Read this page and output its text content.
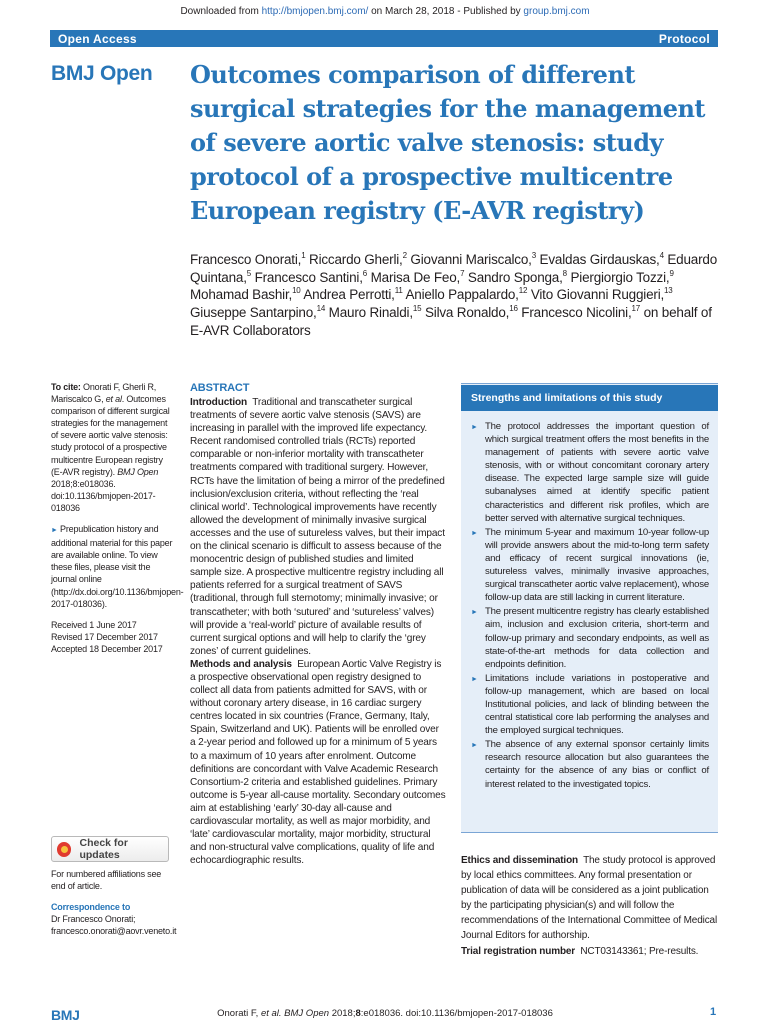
Downloaded from http://bmjopen.bmj.com/ on March 28, 2018 - Published by group.bmj.com
Open Access	Protocol
BMJ Open Outcomes comparison of different surgical strategies for the management of severe aortic valve stenosis: study protocol of a prospective multicentre European registry (E-AVR registry)
Francesco Onorati,$^1$ Riccardo Gherli,$^2$ Giovanni Mariscalco,$^3$ Evaldas Girdauskas,$^4$ Eduardo Quintana,$^5$ Francesco Santini,$^6$ Marisa De Feo,$^7$ Sandro Sponga,$^8$ Piergiorgio Tozzi,$^9$ Mohamad Bashir,$^{10}$ Andrea Perrotti,$^{11}$ Aniello Pappalardo,$^{12}$ Vito Giovanni Ruggieri,$^{13}$ Giuseppe Santarpino,$^{14}$ Mauro Rinaldi,$^{15}$ Silva Ronaldo,$^{16}$ Francesco Nicolini,$^{17}$ on behalf of E-AVR Collaborators
To cite: Onorati F, Gherli R, Mariscalco G, et al. Outcomes comparison of different surgical strategies for the management of severe aortic valve stenosis: study protocol of a prospective multicentre European registry (E-AVR registry). BMJ Open 2018;8:e018036. doi:10.1136/bmjopen-2017-018036
► Prepublication history and additional material for this paper are available online. To view these files, please visit the journal online (http://dx.doi.org/10.1136/bmjopen-2017-018036).
Received 1 June 2017
Revised 17 December 2017
Accepted 18 December 2017
Check for updates
For numbered affiliations see end of article.
Correspondence to
Dr Francesco Onorati;
francesco.onorati@aovr.veneto.it
ABSTRACT

Introduction Traditional and transcatheter surgical treatments of severe aortic valve stenosis (SAVS) are increasing in parallel with the improved life expectancy. Recent randomised controlled trials (RCTs) reported comparable or non-inferior mortality with transcatheter treatments compared with traditional surgery. However, RCTs have the limitation of being a mirror of the predefined inclusion/exclusion criteria, without reflecting the ‘real clinical world’. Technological improvements have recently allowed the development of minimally invasive surgical accesses and the use of sutureless valves, but their impact on the clinical scenario is difficult to assess because of the monocentric design of published studies and limited sample size. A prospective multicentre registry including all patients referred for a surgical treatment of SAVS (traditional, through full sternotomy; minimally invasive; or transcatheter; with both ‘sutured’ and ‘sutureless’ valves) will provide a ‘real-world’ picture of available results of current surgical options and will help to clarify the ‘grey zones’ of current guidelines.

Methods and analysis European Aortic Valve Registry is a prospective observational open registry designed to collect all data from patients admitted for SAVS, with or without coronary artery disease, in 16 cardiac surgery centres located in six countries (France, Germany, Italy, Spain, Switzerland and UK). Patients will be enrolled over a 2-year period and followed up for a minimum of 5 years to a maximum of 10 years after enrolment. Outcome definitions are concordant with Valve Academic Research Consortium-2 criteria and established guidelines. Primary outcome is 5-year all-cause mortality. Secondary outcomes aim at establishing ‘early’ 30-day all-cause and cardiovascular mortality, as well as major morbidity, and ‘late’ cardiovascular mortality, major morbidity, structural and non-structural valve complications, quality of life and echocardiographic results.

Strengths and limitations of this study
► The protocol addresses the important question of which surgical treatment offers the most benefits in the management of patients with severe aortic valve stenosis, with or without concomitant coronary artery disease. The expected large sample size will guide subanalyses aimed at identify specific patient characteristics and different risk profiles, which are better served with alternative surgical techniques.
► The minimum 5-year and maximum 10-year follow-up will provide answers about the mid-to-long term safety and efficacy of recent surgical innovations (ie, sutureless valves, minimally invasive approaches, surgical transcatheter aortic valve replacement), whose follow-up data are still lacking in current literature.
► The present multicentre registry has clearly established aim, inclusion and exclusion criteria, short-term and follow-up primary and secondary endpoints, as well as state-of-the-art methods for data collection and endpoints definition.
► Limitations include variations in postoperative and follow-up management, which are based on local Institutional policies, and lack of blinding between the central statistical core lab performing the analyses and the employed surgical techniques.
► The absence of any external sponsor certainly limits research resource allocation but also guarantees the certainty for the absence of any bias or conflict of interest related to the investigated topics.

Ethics and dissemination The study protocol is approved by local ethics committees. Any formal presentation or publication of data will be considered as a joint publication by the participating physician(s) and will follow the recommendations of the International Committee of Medical Journal Editors for authorship.

Trial registration number NCT03143361; Pre-results.

BMJ	Onorati F, et al. BMJ Open 2018;8:e018036. doi:10.1136/bmjopen-2017-018036	1
